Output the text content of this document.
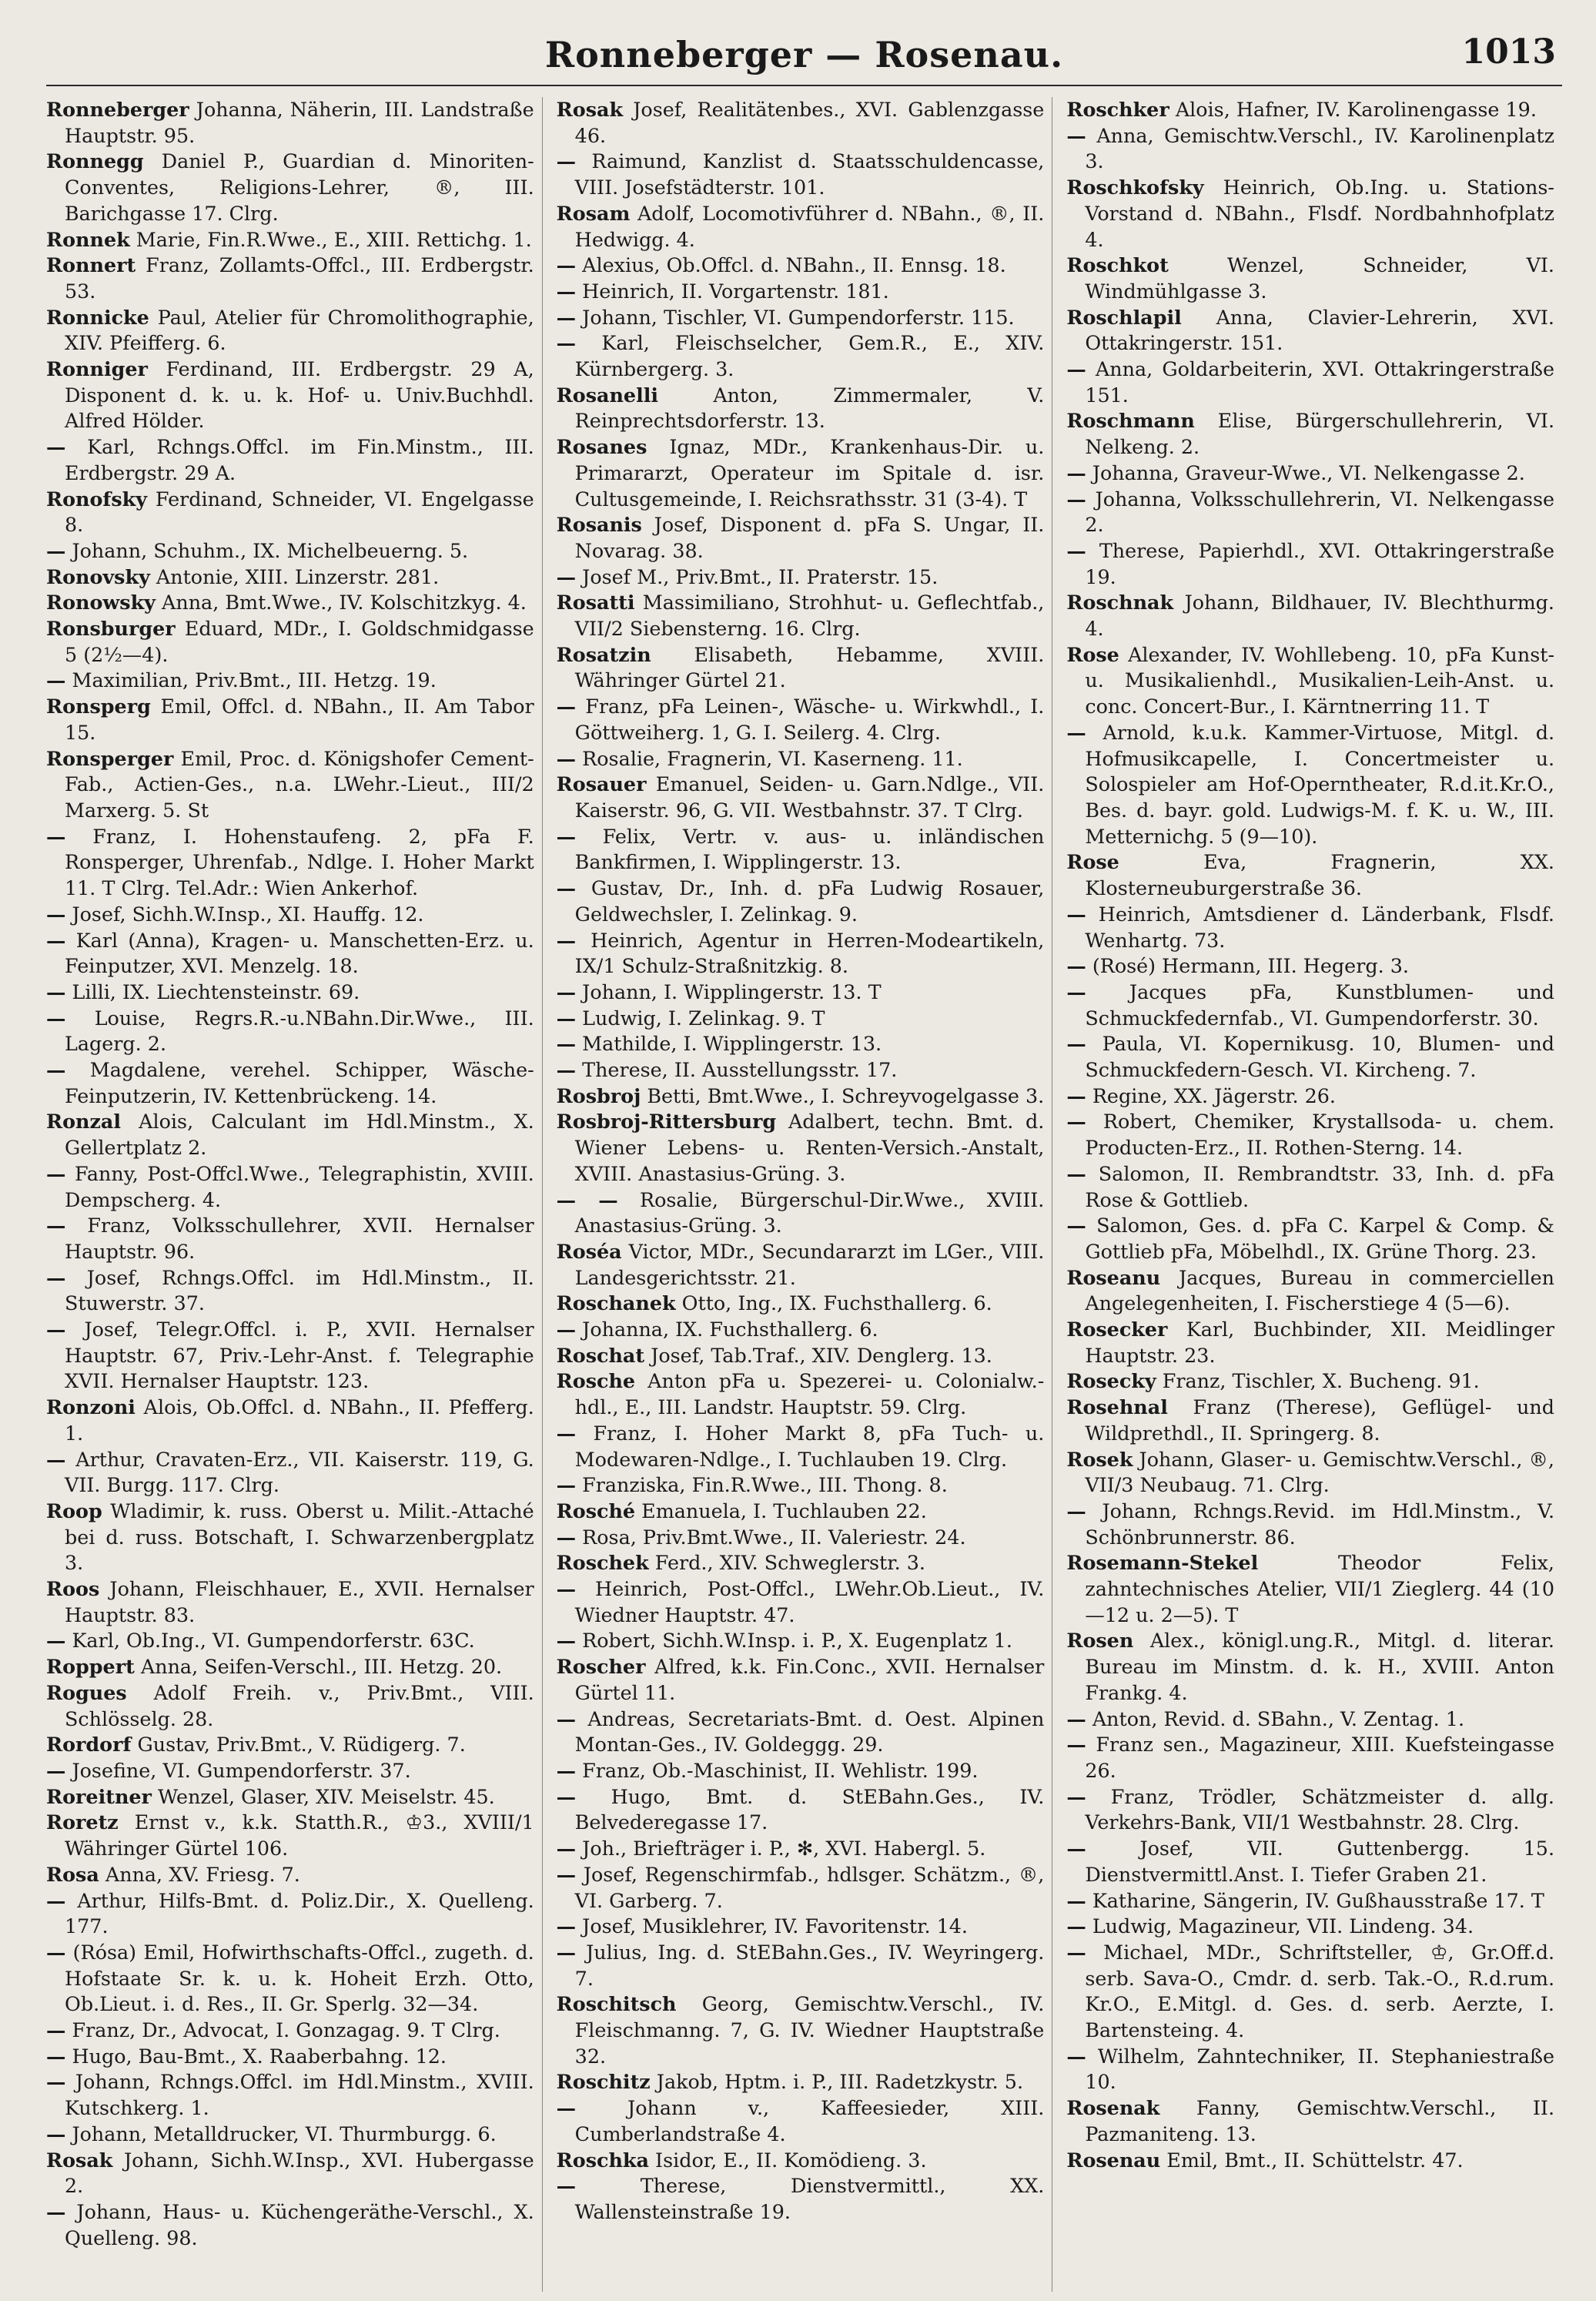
Ronneberger — Rosenau.	1013

Ronneberger Johanna, Näherin, III. Landstraße Hauptstr. 95.

Ronnegg Daniel P., Guardian d. Minoriten-Conventes, Religions-Lehrer, ®, III. Barichgasse 17. Clrg.

Ronnek Marie, Fin.R.Wwe., E., XIII. Rettichg. 1.

Ronnert Franz, Zollamts-Offcl., III. Erdbergstr. 53.

Ronnicke Paul, Atelier für Chromolithographie, XIV. Pfeifferg. 6.

Ronniger Ferdinand, III. Erdbergstr. 29 A, Disponent d. k. u. k. Hof- u. Univ.Buchhdl. Alfred Hölder.

— Karl, Rchngs.Offcl. im Fin.Minstm., III. Erdbergstr. 29 A.

Ronofsky Ferdinand, Schneider, VI. Engelgasse 8.

— Johann, Schuhm., IX. Michelbeuerng. 5.

Ronovsky Antonie, XIII. Linzerstr. 281.

Ronowsky Anna, Bmt.Wwe., IV. Kolschitzkyg. 4.

Ronsburger Eduard, MDr., I. Goldschmidgasse 5 (2½—4).

— Maximilian, Priv.Bmt., III. Hetzg. 19.

Ronsperg Emil, Offcl. d. NBahn., II. Am Tabor 15.

Ronsperger Emil, Proc. d. Königshofer Cement-Fab., Actien-Ges., n.a. LWehr.-Lieut., III/2 Marxerg. 5. St

— Franz, I. Hohenstaufeng. 2, pFa F. Ronsperger, Uhrenfab., Ndlge. I. Hoher Markt 11. T Clrg. Tel.Adr.: Wien Ankerhof.

— Josef, Sichh.W.Insp., XI. Hauffg. 12.

— Karl (Anna), Kragen- u. Manschetten-Erz. u. Feinputzer, XVI. Menzelg. 18.

— Lilli, IX. Liechtensteinstr. 69.

— Louise, Regrs.R.-u.NBahn.Dir.Wwe., III. Lagerg. 2.

— Magdalene, verehel. Schipper, Wäsche-Feinputzerin, IV. Kettenbrückeng. 14.

Ronzal Alois, Calculant im Hdl.Minstm., X. Gellertplatz 2.

— Fanny, Post-Offcl.Wwe., Telegraphistin, XVIII. Dempscherg. 4.

— Franz, Volksschullehrer, XVII. Hernalser Hauptstr. 96.

— Josef, Rchngs.Offcl. im Hdl.Minstm., II. Stuwerstr. 37.

— Josef, Telegr.Offcl. i. P., XVII. Hernalser Hauptstr. 67, Priv.-Lehr-Anst. f. Telegraphie XVII. Hernalser Hauptstr. 123.

Ronzoni Alois, Ob.Offcl. d. NBahn., II. Pfefferg. 1.

— Arthur, Cravaten-Erz., VII. Kaiserstr. 119, G. VII. Burgg. 117. Clrg.

Roop Wladimir, k. russ. Oberst u. Milit.-Attaché bei d. russ. Botschaft, I. Schwarzenbergplatz 3.

Roos Johann, Fleischhauer, E., XVII. Hernalser Hauptstr. 83.

— Karl, Ob.Ing., VI. Gumpendorferstr. 63C.

Roppert Anna, Seifen-Verschl., III. Hetzg. 20.

Rogues Adolf Freih. v., Priv.Bmt., VIII. Schlösselg. 28.

Rordorf Gustav, Priv.Bmt., V. Rüdigerg. 7.

— Josefine, VI. Gumpendorferstr. 37.

Roreitner Wenzel, Glaser, XIV. Meiselstr. 45.

Roretz Ernst v., k.k. Statth.R., ♔3., XVIII/1 Währinger Gürtel 106.

Rosa Anna, XV. Friesg. 7.

— Arthur, Hilfs-Bmt. d. Poliz.Dir., X. Quelleng. 177.

— (Rósa) Emil, Hofwirthschafts-Offcl., zugeth. d. Hofstaate Sr. k. u. k. Hoheit Erzh. Otto, Ob.Lieut. i. d. Res., II. Gr. Sperlg. 32—34.

— Franz, Dr., Advocat, I. Gonzagag. 9. T Clrg.

— Hugo, Bau-Bmt., X. Raaberbahng. 12.

— Johann, Rchngs.Offcl. im Hdl.Minstm., XVIII. Kutschkerg. 1.

— Johann, Metalldrucker, VI. Thurmburgg. 6.

Rosak Johann, Sichh.W.Insp., XVI. Hubergasse 2.

— Johann, Haus- u. Küchengeräthe-Verschl., X. Quelleng. 98.

Rosak Josef, Realitätenbes., XVI. Gablenzgasse 46.

— Raimund, Kanzlist d. Staatsschuldencasse, VIII. Josefstädterstr. 101.

Rosam Adolf, Locomotivführer d. NBahn., ®, II. Hedwigg. 4.

— Alexius, Ob.Offcl. d. NBahn., II. Ennsg. 18.

— Heinrich, II. Vorgartenstr. 181.

— Johann, Tischler, VI. Gumpendorferstr. 115.

— Karl, Fleischselcher, Gem.R., E., XIV. Kürnbergerg. 3.

Rosanelli	Anton, Zimmermaler, V. Reinprechtsdorferstr. 13.

Rosanes Ignaz, MDr., Krankenhaus-Dir. u. Primararzt, Operateur im Spitale d. isr. Cultusgemeinde, I. Reichsrathsstr. 31 (3-4). T

Rosanis Josef, Disponent d. pFa S. Ungar, II. Novarag. 38.

— Josef M., Priv.Bmt., II. Praterstr. 15.

Rosatti Massimiliano, Strohhut- u. Geflechtfab., VII/2 Siebensterng. 16. Clrg.

Rosatzin Elisabeth, Hebamme, XVIII. Währinger Gürtel 21.

— Franz, pFa Leinen-, Wäsche- u. Wirkwhdl., I. Göttweiherg. 1, G. I. Seilerg. 4. Clrg.

— Rosalie, Fragnerin, VI. Kaserneng. 11.

Rosauer Emanuel, Seiden- u. Garn.Ndlge., VII. Kaiserstr. 96, G. VII. Westbahnstr. 37. T Clrg.

— Felix, Vertr. v. aus- u. inländischen Bankfirmen, I. Wipplingerstr. 13.

— Gustav, Dr., Inh. d. pFa Ludwig Rosauer, Geldwechsler, I. Zelinkag. 9.

— Heinrich, Agentur in Herren-Modeartikeln, IX/1 Schulz-Straßnitzkig. 8.

— Johann, I. Wipplingerstr. 13. T

— Ludwig, I. Zelinkag. 9. T

— Mathilde, I. Wipplingerstr. 13.

— Therese, II. Ausstellungsstr. 17.

Rosbroj Betti, Bmt.Wwe., I. Schreyvogelgasse 3.

Rosbroj-Rittersburg Adalbert, techn. Bmt. d. Wiener Lebens- u. Renten-Versich.-Anstalt, XVIII. Anastasius-Grüng. 3.

— — Rosalie, Bürgerschul-Dir.Wwe., XVIII. Anastasius-Grüng. 3.

Roséa Victor, MDr., Secundararzt im LGer., VIII. Landesgerichtsstr. 21.

Roschanek Otto, Ing., IX. Fuchsthallerg. 6.

— Johanna, IX. Fuchsthallerg. 6.

Roschat Josef, Tab.Traf., XIV. Denglerg. 13.

Rosche Anton pFa u. Spezerei- u. Colonialw.-hdl., E., III. Landstr. Hauptstr. 59. Clrg.

— Franz, I. Hoher Markt 8, pFa Tuch- u. Modewaren-Ndlge., I. Tuchlauben 19. Clrg.

— Franziska, Fin.R.Wwe., III. Thong. 8.

Rosché Emanuela, I. Tuchlauben 22.

— Rosa, Priv.Bmt.Wwe., II. Valeriestr. 24.

Roschek Ferd., XIV. Schweglerstr. 3.

— Heinrich, Post-Offcl., LWehr.Ob.Lieut., IV. Wiedner Hauptstr. 47.

— Robert, Sichh.W.Insp. i. P., X. Eugenplatz 1.

Roscher Alfred, k.k. Fin.Conc., XVII. Hernalser Gürtel 11.

— Andreas, Secretariats-Bmt. d. Oest. Alpinen Montan-Ges., IV. Goldeggg. 29.

— Franz, Ob.-Maschinist, II. Wehlistr. 199.

— Hugo, Bmt. d. StEBahn.Ges., IV. Belvederegasse 17.

— Joh., Briefträger i. P., ✻, XVI. Habergl. 5.

— Josef, Regenschirmfab., hdlsger. Schätzm., ®, VI. Garberg. 7.

— Josef, Musiklehrer, IV. Favoritenstr. 14.

— Julius, Ing. d. StEBahn.Ges., IV. Weyringerg. 7.

Roschitsch Georg, Gemischtw.Verschl., IV. Fleischmanng. 7, G. IV. Wiedner Hauptstraße 32.

Roschitz Jakob, Hptm. i. P., III. Radetzkystr. 5.

—	Johann v., Kaffeesieder, XIII. Cumberlandstraße 4.

Roschka Isidor, E., II. Komödieng. 3.

—	Therese, Dienstvermittl., XX. Wallensteinstraße 19.

Roschker Alois, Hafner, IV. Karolinengasse 19.

— Anna, Gemischtw.Verschl., IV. Karolinenplatz 3.

Roschkofsky Heinrich, Ob.Ing. u. Stations-Vorstand d. NBahn., Flsdf. Nordbahnhofplatz 4.

Roschkot	Wenzel, Schneider, VI. Windmühlgasse 3.

Roschlapil Anna, Clavier-Lehrerin, XVI. Ottakringerstr. 151.

— Anna, Goldarbeiterin, XVI. Ottakringerstraße 151.

Roschmann Elise, Bürgerschullehrerin, VI. Nelkeng. 2.

— Johanna, Graveur-Wwe., VI. Nelkengasse 2.

— Johanna, Volksschullehrerin, VI. Nelkengasse 2.

— Therese, Papierhdl., XVI. Ottakringerstraße 19.

Roschnak Johann, Bildhauer, IV. Blechthurmg. 4.

Rose Alexander, IV. Wohllebeng. 10, pFa Kunst- u. Musikalienhdl., Musikalien-Leih-Anst. u. conc. Concert-Bur., I. Kärntnerring 11. T

— Arnold, k.u.k. Kammer-Virtuose, Mitgl. d. Hofmusikcapelle, I. Concertmeister u. Solospieler am Hof-Operntheater, R.d.it.Kr.O., Bes. d. bayr. gold. Ludwigs-M. f. K. u. W., III. Metternichg. 5 (9—10).

Rose	Eva, Fragnerin, XX. Klosterneuburgerstraße 36.

— Heinrich, Amtsdiener d. Länderbank, Flsdf. Wenhartg. 73.

— (Rosé) Hermann, III. Hegerg. 3.

— Jacques pFa, Kunstblumen- und Schmuckfedernfab., VI. Gumpendorferstr. 30.

— Paula, VI. Kopernikusg. 10, Blumen- und Schmuckfedern-Gesch. VI. Kircheng. 7.

— Regine, XX. Jägerstr. 26.

— Robert, Chemiker, Krystallsoda- u. chem. Producten-Erz., II. Rothen-Sterng. 14.

— Salomon, II. Rembrandtstr. 33, Inh. d. pFa Rose & Gottlieb.

— Salomon, Ges. d. pFa C. Karpel & Comp. & Gottlieb pFa, Möbelhdl., IX. Grüne Thorg. 23.

Roseanu Jacques, Bureau in commerciellen Angelegenheiten, I. Fischerstiege 4 (5—6).

Rosecker Karl, Buchbinder, XII. Meidlinger Hauptstr. 23.

Rosecky Franz, Tischler, X. Bucheng. 91.

Rosehnal Franz (Therese), Geflügel- und Wildprethdl., II. Springerg. 8.

Rosek Johann, Glaser- u. Gemischtw.Verschl., ®, VII/3 Neubaug. 71. Clrg.

— Johann, Rchngs.Revid. im Hdl.Minstm., V. Schönbrunnerstr. 86.

Rosemann-Stekel	Theodor Felix, zahntechnisches Atelier, VII/1 Zieglerg. 44 (10—12 u. 2—5). T

Rosen Alex., königl.ung.R., Mitgl. d. literar. Bureau im Minstm. d. k. H., XVIII. Anton Frankg. 4.

— Anton, Revid. d. SBahn., V. Zentag. 1.

— Franz sen., Magazineur, XIII. Kuefsteingasse 26.

— Franz, Trödler, Schätzmeister d. allg. Verkehrs-Bank, VII/1 Westbahnstr. 28. Clrg.

—	Josef, VII. Guttenbergg. 15. Dienstvermittl.Anst. I. Tiefer Graben 21.

— Katharine, Sängerin, IV. Gußhausstraße 17. T

— Ludwig, Magazineur, VII. Lindeng. 34.

— Michael, MDr., Schriftsteller, ♔, Gr.Off.d. serb. Sava-O., Cmdr. d. serb. Tak.-O., R.d.rum. Kr.O., E.Mitgl. d. Ges. d. serb. Aerzte, I. Bartensteing. 4.

— Wilhelm, Zahntechniker, II. Stephaniestraße 10.

Rosenak Fanny, Gemischtw.Verschl., II. Pazmaniteng. 13.

Rosenau Emil, Bmt., II. Schüttelstr. 47.
